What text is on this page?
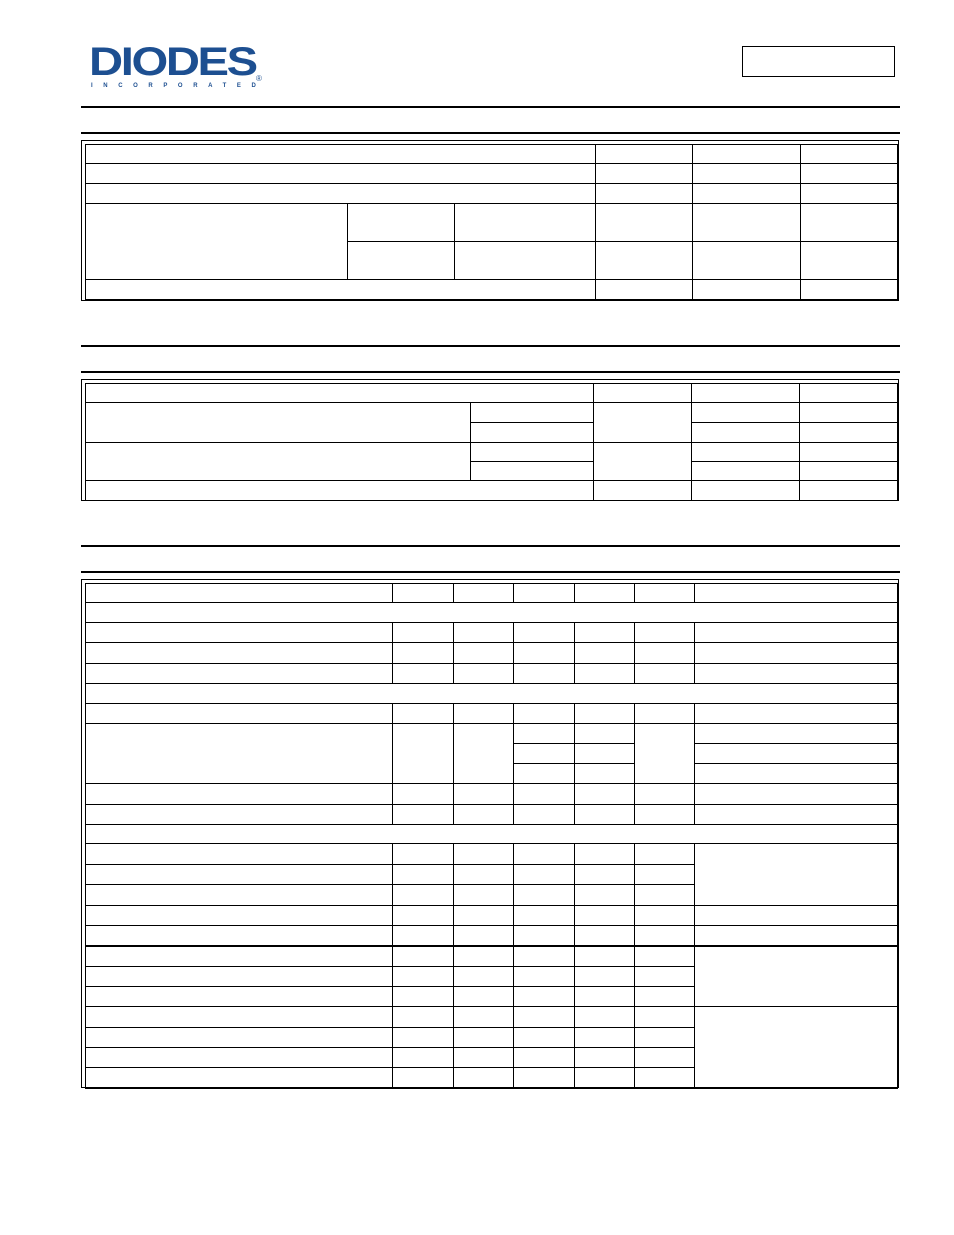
DIODES
INCORPORATED
®
